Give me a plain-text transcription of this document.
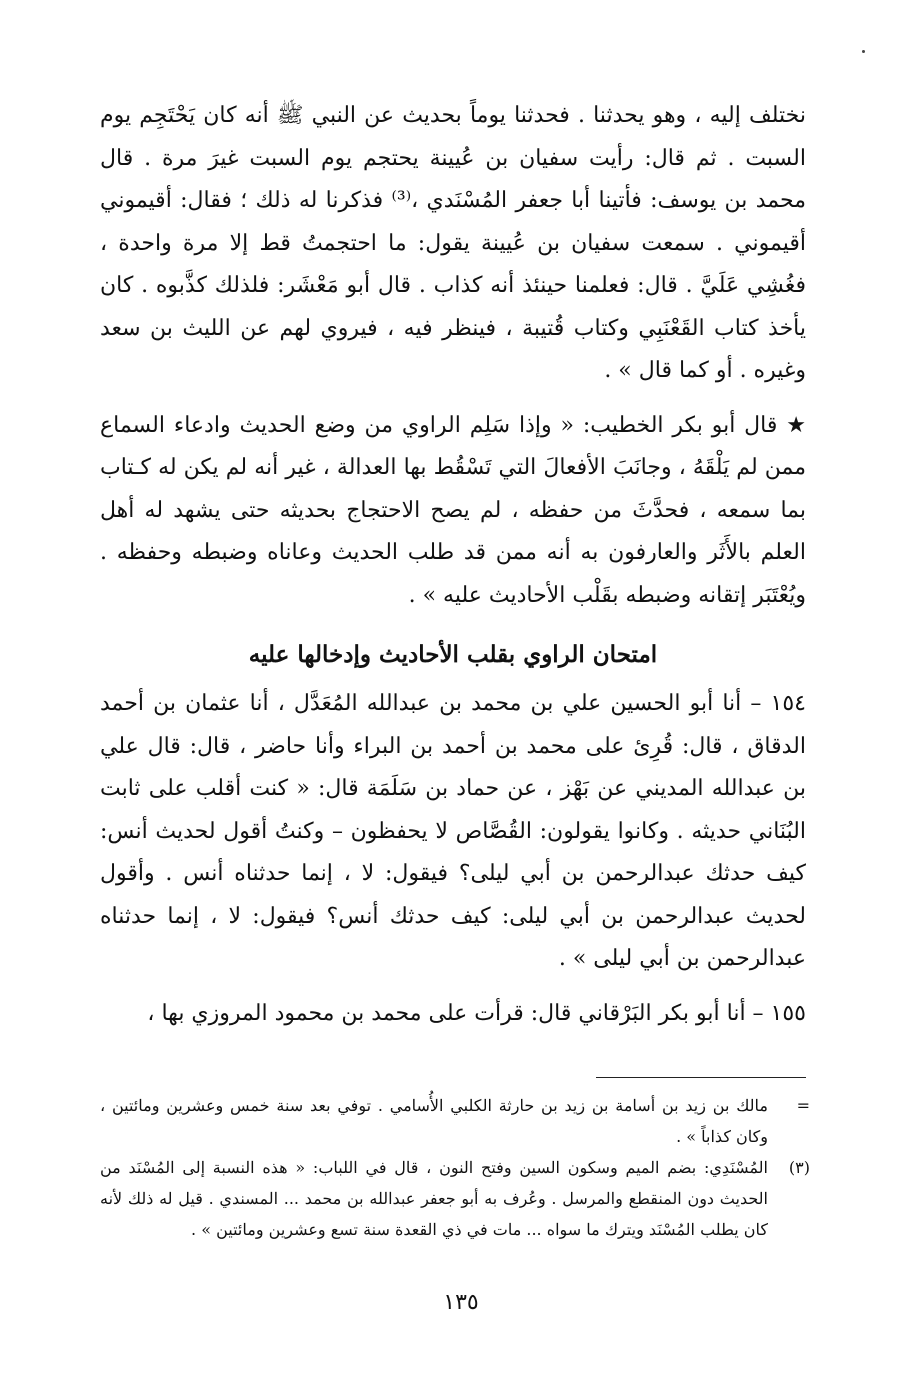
نختلف إليه ، وهو يحدثنا . فحدثنا يوماً بحديث عن النبي ﷺ أنه كان يَحْتَجِم يوم السبت . ثم قال: رأيت سفيان بن عُيينة يحتجم يوم السبت غيرَ مرة . قال محمد بن يوسف: فأتينا أبا جعفر المُسْنَدي ،⁽³⁾ فذكرنا له ذلك ؛ فقال: أقيموني أقيموني . سمعت سفيان بن عُيينة يقول: ما احتجمتُ قط إلا مرة واحدة ، فغُشِي عَلَيَّ . قال: فعلمنا حينئذ أنه كذاب . قال أبو مَعْشَر: فلذلك كذَّبوه . كان يأخذ كتاب القَعْنَبِي وكتاب قُتيبة ، فينظر فيه ، فيروي لهم عن الليث بن سعد وغيره . أو كما قال » .

★ قال أبو بكر الخطيب: « وإذا سَلِم الراوي من وضع الحديث وادعاء السماع ممن لم يَلْقَهُ ، وجانَبَ الأفعالَ التي تَسْقُط بها العدالة ، غير أنه لم يكن له كـتاب بما سمعه ، فحدَّثَ من حفظه ، لم يصح الاحتجاج بحديثه حتى يشهد له أهل العلم بالأَثَر والعارفون به أنه ممن قد طلب الحديث وعاناه وضبطه وحفظه . ويُعْتَبَر إتقانه وضبطه بقَلْب الأحاديث عليه » .

امتحان الراوي بقلب الأحاديث وإدخالها عليه

١٥٤ – أنا أبو الحسين علي بن محمد بن عبدالله المُعَدَّل ، أنا عثمان بن أحمد الدقاق ، قال: قُرِئ على محمد بن أحمد بن البراء وأنا حاضر ، قال: قال علي بن عبدالله المديني عن بَهْز ، عن حماد بن سَلَمَة قال: « كنت أقلب على ثابت البُنَاني حديثه . وكانوا يقولون: القُصَّاص لا يحفظون – وكنتُ أقول لحديث أنس: كيف حدثك عبدالرحمن بن أبي ليلى؟ فيقول: لا ، إنما حدثناه أنس . وأقول لحديث عبدالرحمن بن أبي ليلى: كيف حدثك أنس؟ فيقول: لا ، إنما حدثناه عبدالرحمن بن أبي ليلى » .

١٥٥ – أنا أبو بكر البَرْقاني قال: قرأت على محمد بن محمود المروزي بها ،

=
مالك بن زيد بن أسامة بن زيد بن حارثة الكلبي الأُسامي . توفي بعد سنة خمس وعشرين ومائتين ، وكان كذاباً » .
(٣)
المُسْنَدِي: بضم الميم وسكون السين وفتح النون ، قال في اللباب: « هذه النسبة إلى المُسْنَد من الحديث دون المنقطع والمرسل . وعُرف به أبو جعفر عبدالله بن محمد ... المسندي . قيل له ذلك لأنه كان يطلب المُسْنَد ويترك ما سواه ... مات في ذي القعدة سنة تسع وعشرين ومائتين » .
١٣٥
